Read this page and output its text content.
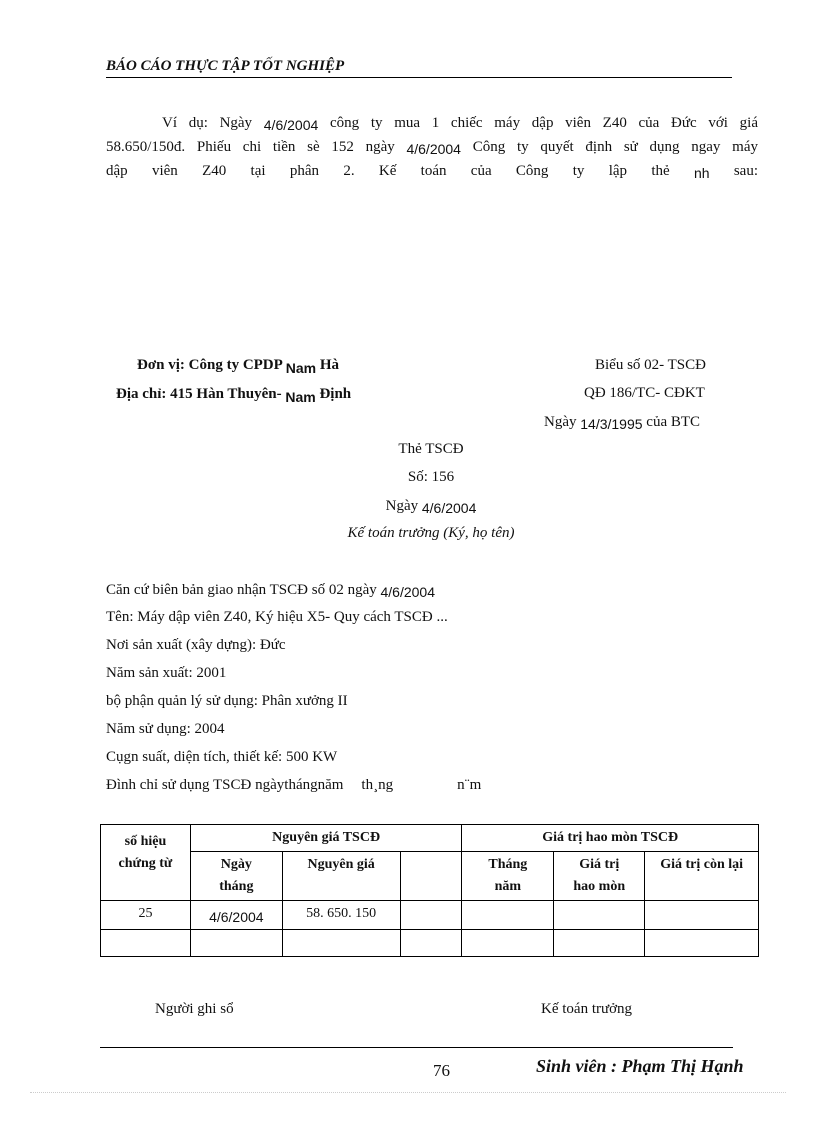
BÁO CÁO THỰC TẬP TỐT NGHIỆP
Ví dụ: Ngày 4/6/2004 công ty mua 1 chiếc máy dập viên Z40 của Đức với giá
58.650/150đ. Phiếu chi tiền sè 152 ngày 4/6/2004 Công ty quyết định sử dụng ngay máy
dập viên Z40 tại phân 2. Kế toán của Công ty lập thẻ nh sau:
Đơn vị: Công ty CPDP Nam Hà
Địa chỉ: 415 Hàn Thuyên- Nam Định
Biểu số 02- TSCĐ
QĐ 186/TC- CĐKT
Ngày 14/3/1995 của BTC
Thẻ TSCĐ
Số: 156
Ngày 4/6/2004
Kế toán trưởng (Ký, họ tên)
Căn cứ biên bản giao nhận TSCĐ số 02 ngày 4/6/2004
Tên: Máy dập viên Z40, Ký hiệu X5- Quy cách TSCĐ ...
Nơi sản xuất (xây dựng): Đức
Năm sản xuất: 2001
bộ phận quản lý sử dụng: Phân xưởng II
Năm sử dụng: 2004
Cụgn suất, diện tích, thiết kế: 500 KW
Đình chỉ sử dụng TSCĐ ngàythángnăm th¸ng	n¨m
số hiệu chứng từ	Nguyên giá TSCĐ			Giá trị hao mòn TSCĐ		
	Ngày tháng	Nguyên giá		Tháng năm	Giá trị hao mòn	Giá trị còn lại
25	4/6/2004	58. 650. 150				

Người ghi sổ	Kế toán trưởng
76	Sinh viên : Phạm Thị Hạnh
